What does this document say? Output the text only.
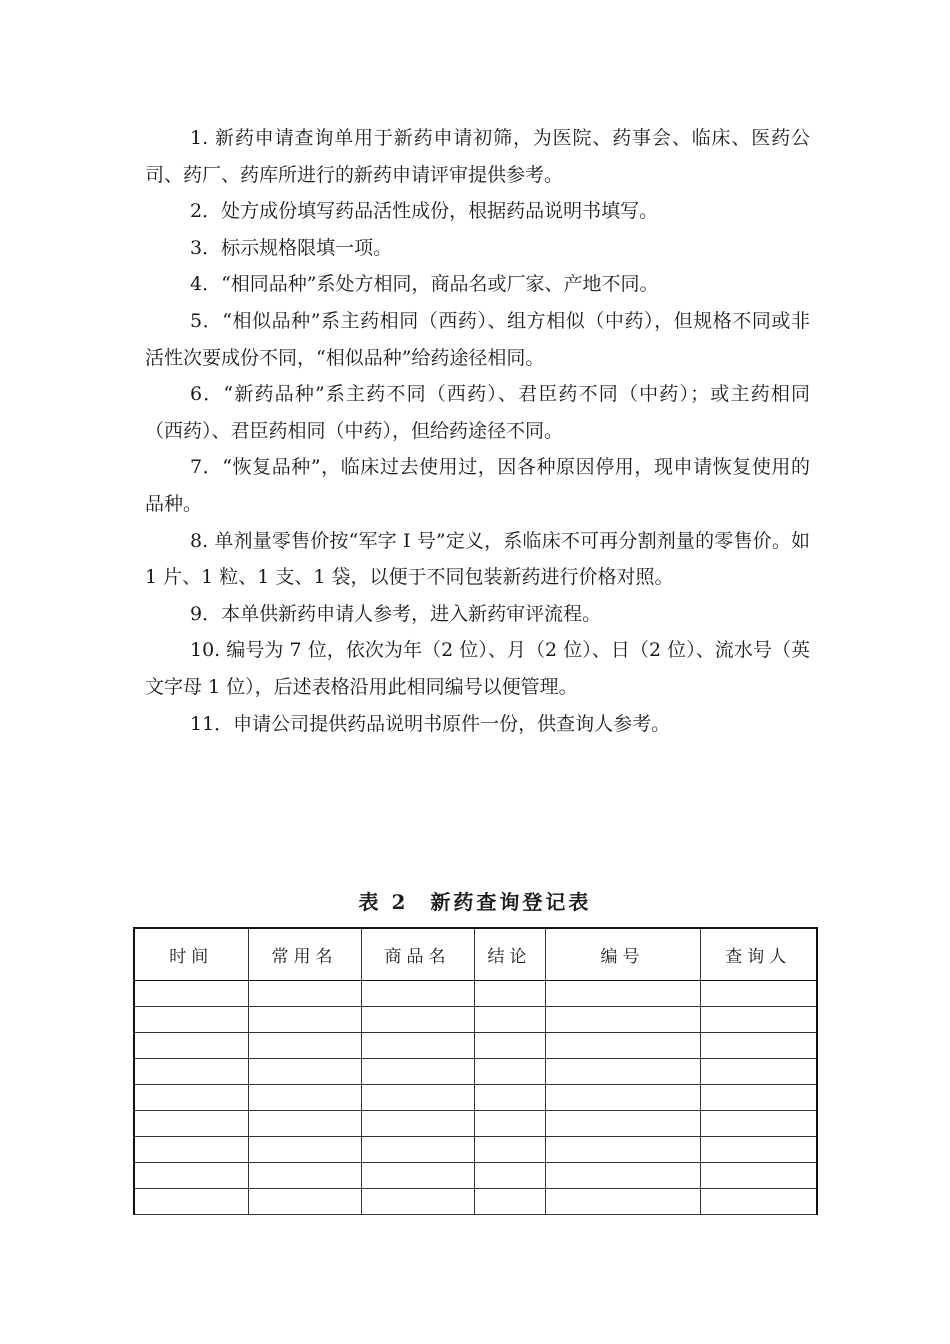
1. 新药申请查询单用于新药申请初筛，为医院、药事会、临床、医药公司、药厂、药库所进行的新药申请评审提供参考。

2．处方成份填写药品活性成份，根据药品说明书填写。

3．标示规格限填一项。

4．“相同品种”系处方相同，商品名或厂家、产地不同。

5．“相似品种”系主药相同（西药）、组方相似（中药），但规格不同或非活性次要成份不同，“相似品种”给药途径相同。

6．“新药品种”系主药不同（西药）、君臣药不同（中药）；或主药相同（西药）、君臣药相同（中药），但给药途径不同。

7．“恢复品种”，临床过去使用过，因各种原因停用，现申请恢复使用的品种。

8. 单剂量零售价按“军字 I 号”定义，系临床不可再分割剂量的零售价。如 1 片、1 粒、1 支、1 袋，以便于不同包装新药进行价格对照。

9．本单供新药申请人参考，进入新药审评流程。

10. 编号为 7 位，依次为年（2 位）、月（2 位）、日（2 位）、流水号（英文字母 1 位），后述表格沿用此相同编号以便管理。

11．申请公司提供药品说明书原件一份，供查询人参考。

表 2 新药查询登记表
时间	常用名	商品名	结论	编号	查询人
